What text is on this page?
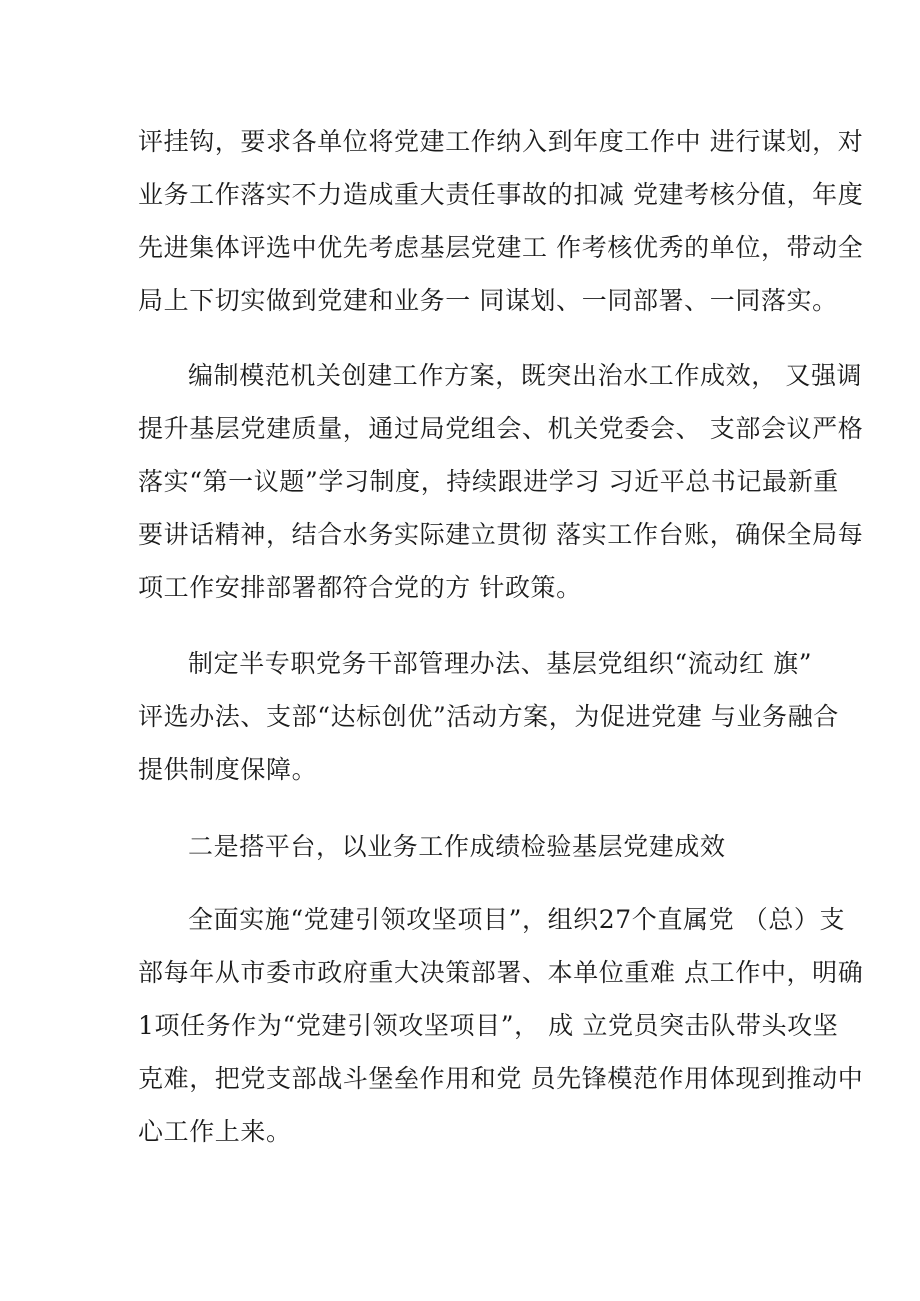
评挂钩，要求各单位将党建工作纳入到年度工作中 进行谋划，对
业务工作落实不力造成重大责任事故的扣减 党建考核分值，年度
先进集体评选中优先考虑基层党建工 作考核优秀的单位，带动全
局上下切实做到党建和业务一 同谋划、一同部署、一同落实。
编制模范机关创建工作方案，既突出治水工作成效， 又强调
提升基层党建质量，通过局党组会、机关党委会、 支部会议严格
落实“第一议题”学习制度，持续跟进学习 习近平总书记最新重
要讲话精神，结合水务实际建立贯彻 落实工作台账，确保全局每
项工作安排部署都符合党的方 针政策。
制定半专职党务干部管理办法、基层党组织“流动红 旗”
评选办法、支部“达标创优”活动方案，为促进党建 与业务融合
提供制度保障。
二是搭平台，以业务工作成绩检验基层党建成效
全面实施“党建引领攻坚项目”，组织27个直属党 （总）支
部每年从市委市政府重大决策部署、本单位重难 点工作中，明确
1项任务作为“党建引领攻坚项目”， 成 立党员突击队带头攻坚
克难，把党支部战斗堡垒作用和党 员先锋模范作用体现到推动中
心工作上来。
